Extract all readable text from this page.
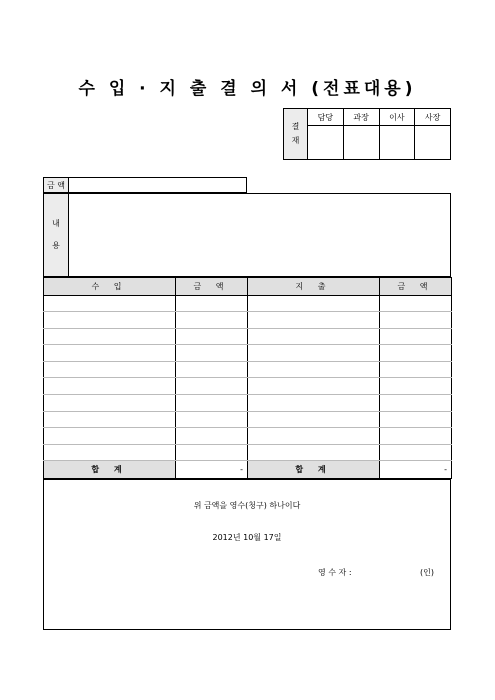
수 입 · 지 출 결 의 서 (전표대용)
결
재	담당	과장	이사	사장

금 액	
내
용	
수 입	금 액	지 출	금 액

합 계	-	합 계	-
위 금액을 영수(청구) 하나이다
2012년 10월 17일
영 수 자 :	(인)
